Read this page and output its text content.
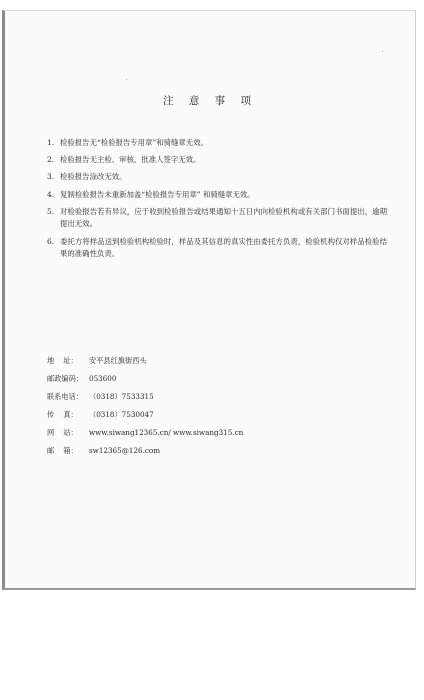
注 意 事 项
1. 检验报告无“检验报告专用章”和骑缝章无效。
2. 检验报告无主检、审核、批准人签字无效。
3. 检验报告涂改无效。
4. 复制检验报告未重新加盖“检验报告专用章” 和骑缝章无效。
5. 对检验报告若有异议，应于收到检验报告或结果通知十五日内向检验机构或有关部门书面提出，逾期提出无效。
6. 委托方将样品送到检验机构检验时，样品及其信息的真实性由委托方负责，检验机构仅对样品检验结果的准确性负责。
地    址：	安平县红旗街西头
邮政编码： 053600
联系电话： （0318）7533315
传    真：	（0318）7530047
网    站：	www.siwang12365.cn/ www.siwang315.cn
邮    箱：	sw12365@126.com
